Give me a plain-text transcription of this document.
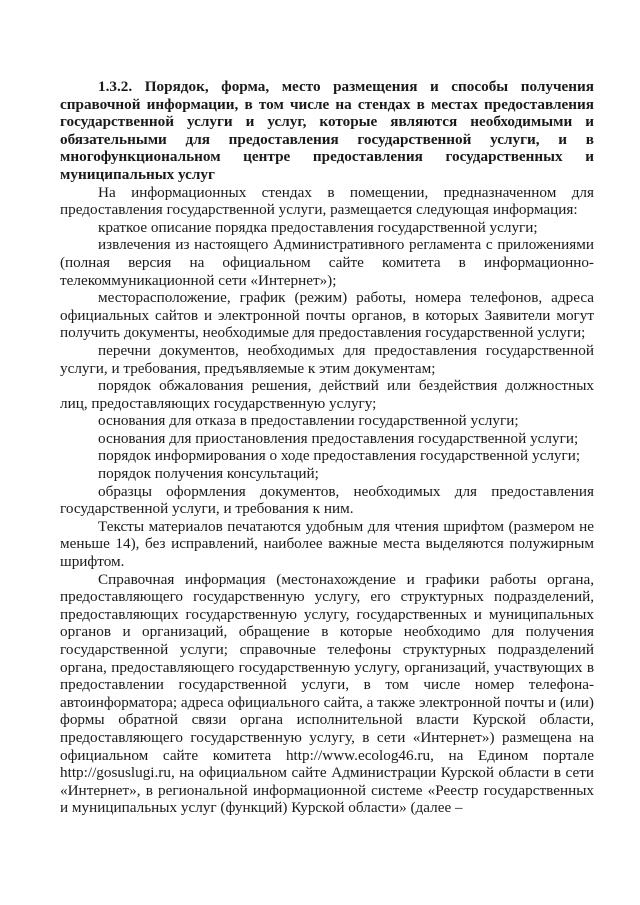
1.3.2. Порядок, форма, место размещения и способы получения справочной информации, в том числе на стендах в местах предоставления государственной услуги и услуг, которые являются необходимыми и обязательными для предоставления государственной услуги, и в многофункциональном центре предоставления государственных и муниципальных услуг

На информационных стендах в помещении, предназначенном для предоставления государственной услуги, размещается следующая информация:

краткое описание порядка предоставления государственной услуги;

извлечения из настоящего Административного регламента с приложениями (полная версия на официальном сайте комитета в информационно-телекоммуникационной сети «Интернет»);

месторасположение, график (режим) работы, номера телефонов, адреса официальных сайтов и электронной почты органов, в которых Заявители могут получить документы, необходимые для предоставления государственной услуги;

перечни документов, необходимых для предоставления государственной услуги, и требования, предъявляемые к этим документам;

порядок обжалования решения, действий или бездействия должностных лиц, предоставляющих государственную услугу;

основания для отказа в предоставлении государственной услуги;

основания для приостановления предоставления государственной услуги;

порядок информирования о ходе предоставления государственной услуги;

порядок получения консультаций;

образцы оформления документов, необходимых для предоставления государственной услуги, и требования к ним.

Тексты материалов печатаются удобным для чтения шрифтом (размером не меньше 14), без исправлений, наиболее важные места выделяются полужирным шрифтом.

Справочная информация (местонахождение и графики работы органа, предоставляющего государственную услугу, его структурных подразделений, предоставляющих государственную услугу, государственных и муниципальных органов и организаций, обращение в которые необходимо для получения государственной услуги; справочные телефоны структурных подразделений органа, предоставляющего государственную услугу, организаций, участвующих в предоставлении государственной услуги, в том числе номер телефона-автоинформатора; адреса официального сайта, а также электронной почты и (или) формы обратной связи органа исполнительной власти Курской области, предоставляющего государственную услугу, в сети «Интернет») размещена на официальном сайте комитета http://www.ecolog46.ru, на Едином портале http://gosuslugi.ru, на официальном сайте Администрации Курской области в сети «Интернет», в региональной информационной системе «Реестр государственных и муниципальных услуг (функций) Курской области» (далее –
